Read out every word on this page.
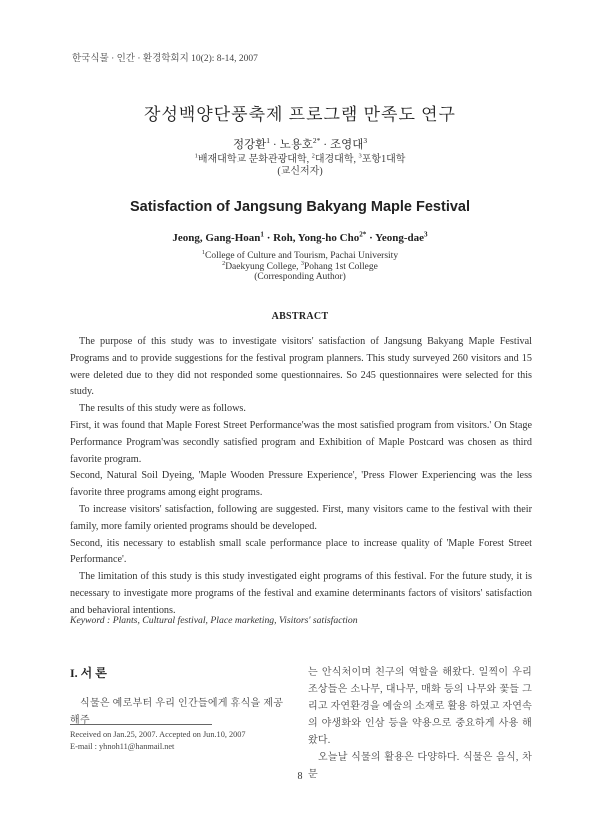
한국식물 · 인간 · 환경학회지 10(2): 8-14, 2007
장성백양단풍축제 프로그램 만족도 연구
정강환$^1$ · 노용호$^{2*}$ · 조영대$^3$
$^1$배재대학교 문화관광대학, $^2$대경대학, $^3$포항1대학
(교신저자)
Satisfaction of Jangsung Bakyang Maple Festival
Jeong, Gang-Hoan$^1$ · Roh, Yong-ho Cho$^{2*}$ · Yeong-dae$^3$
$^1$College of Culture and Tourism, Pachai University
$^2$Daekyung College, $^3$Pohang 1st College
(Corresponding Author)
ABSTRACT

The purpose of this study was to investigate visitors' satisfaction of Jangsung Bakyang Maple Festival Programs and to provide suggestions for the festival program planners. This study surveyed 260 visitors and 15 were deleted due to they did not responded some questionnaires. So 245 questionnaires were selected for this study.

The results of this study were as follows.

First, it was found that Maple Forest Street Performance'was the most satisfied program from visitors.' On Stage Performance Program'was secondly satisfied program and Exhibition of Maple Postcard was chosen as third favorite program.

Second, Natural Soil Dyeing, 'Maple Wooden Pressure Experience', 'Press Flower Experiencing was the less favorite three programs among eight programs.

To increase visitors' satisfaction, following are suggested. First, many visitors came to the festival with their family, more family oriented programs should be developed.

Second, itis necessary to establish small scale performance place to increase quality of 'Maple Forest Street Performance'.

The limitation of this study is this study investigated eight programs of this festival. For the future study, it is necessary to investigate more programs of the festival and examine determinants factors of visitors' satisfaction and behavioral intentions.

Keyword : Plants, Cultural festival, Place marketing, Visitors' satisfaction
I. 서 론
식물은 예로부터 우리 인간들에게 휴식을 제공해주
Received on Jan.25, 2007. Accepted on Jun.10, 2007
E-mail : yhnoh11@hanmail.net

는 안식처이며 친구의 역할을 해왔다. 일찍이 우리 조상들은 소나무, 대나무, 매화 등의 나무와 꽃들 그리고 자연환경을 예술의 소재로 활용 하였고 자연속의 야생화와 인삼 등을 약용으로 중요하게 사용 해왔다.

오늘날 식물의 활용은 다양하다. 식물은 음식, 차문

8
